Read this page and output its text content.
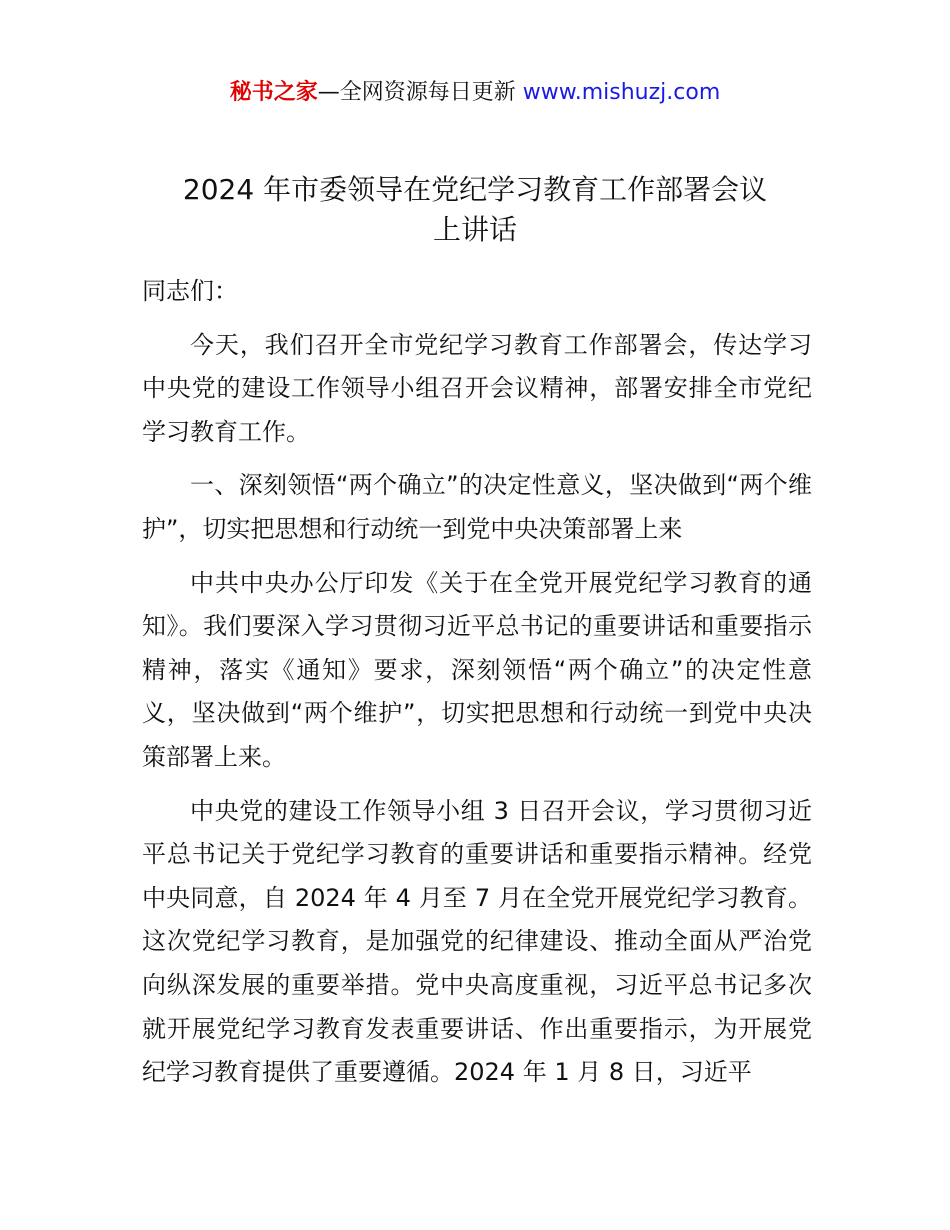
秘书之家—全网资源每日更新 www.mishuzj.com
2024 年市委领导在党纪学习教育工作部署会议
上讲话

同志们：

今天，我们召开全市党纪学习教育工作部署会，传达学习中央党的建设工作领导小组召开会议精神，部署安排全市党纪学习教育工作。

一、深刻领悟“两个确立”的决定性意义，坚决做到“两个维护”，切实把思想和行动统一到党中央决策部署上来

中共中央办公厅印发《关于在全党开展党纪学习教育的通知》。我们要深入学习贯彻习近平总书记的重要讲话和重要指示精神，落实《通知》要求，深刻领悟“两个确立”的决定性意义，坚决做到“两个维护”，切实把思想和行动统一到党中央决策部署上来。

中央党的建设工作领导小组 3 日召开会议，学习贯彻习近平总书记关于党纪学习教育的重要讲话和重要指示精神。经党中央同意，自 2024 年 4 月至 7 月在全党开展党纪学习教育。这次党纪学习教育，是加强党的纪律建设、推动全面从严治党向纵深发展的重要举措。党中央高度重视，习近平总书记多次就开展党纪学习教育发表重要讲话、作出重要指示，为开展党纪学习教育提供了重要遵循。2024 年 1 月 8 日，习近平
